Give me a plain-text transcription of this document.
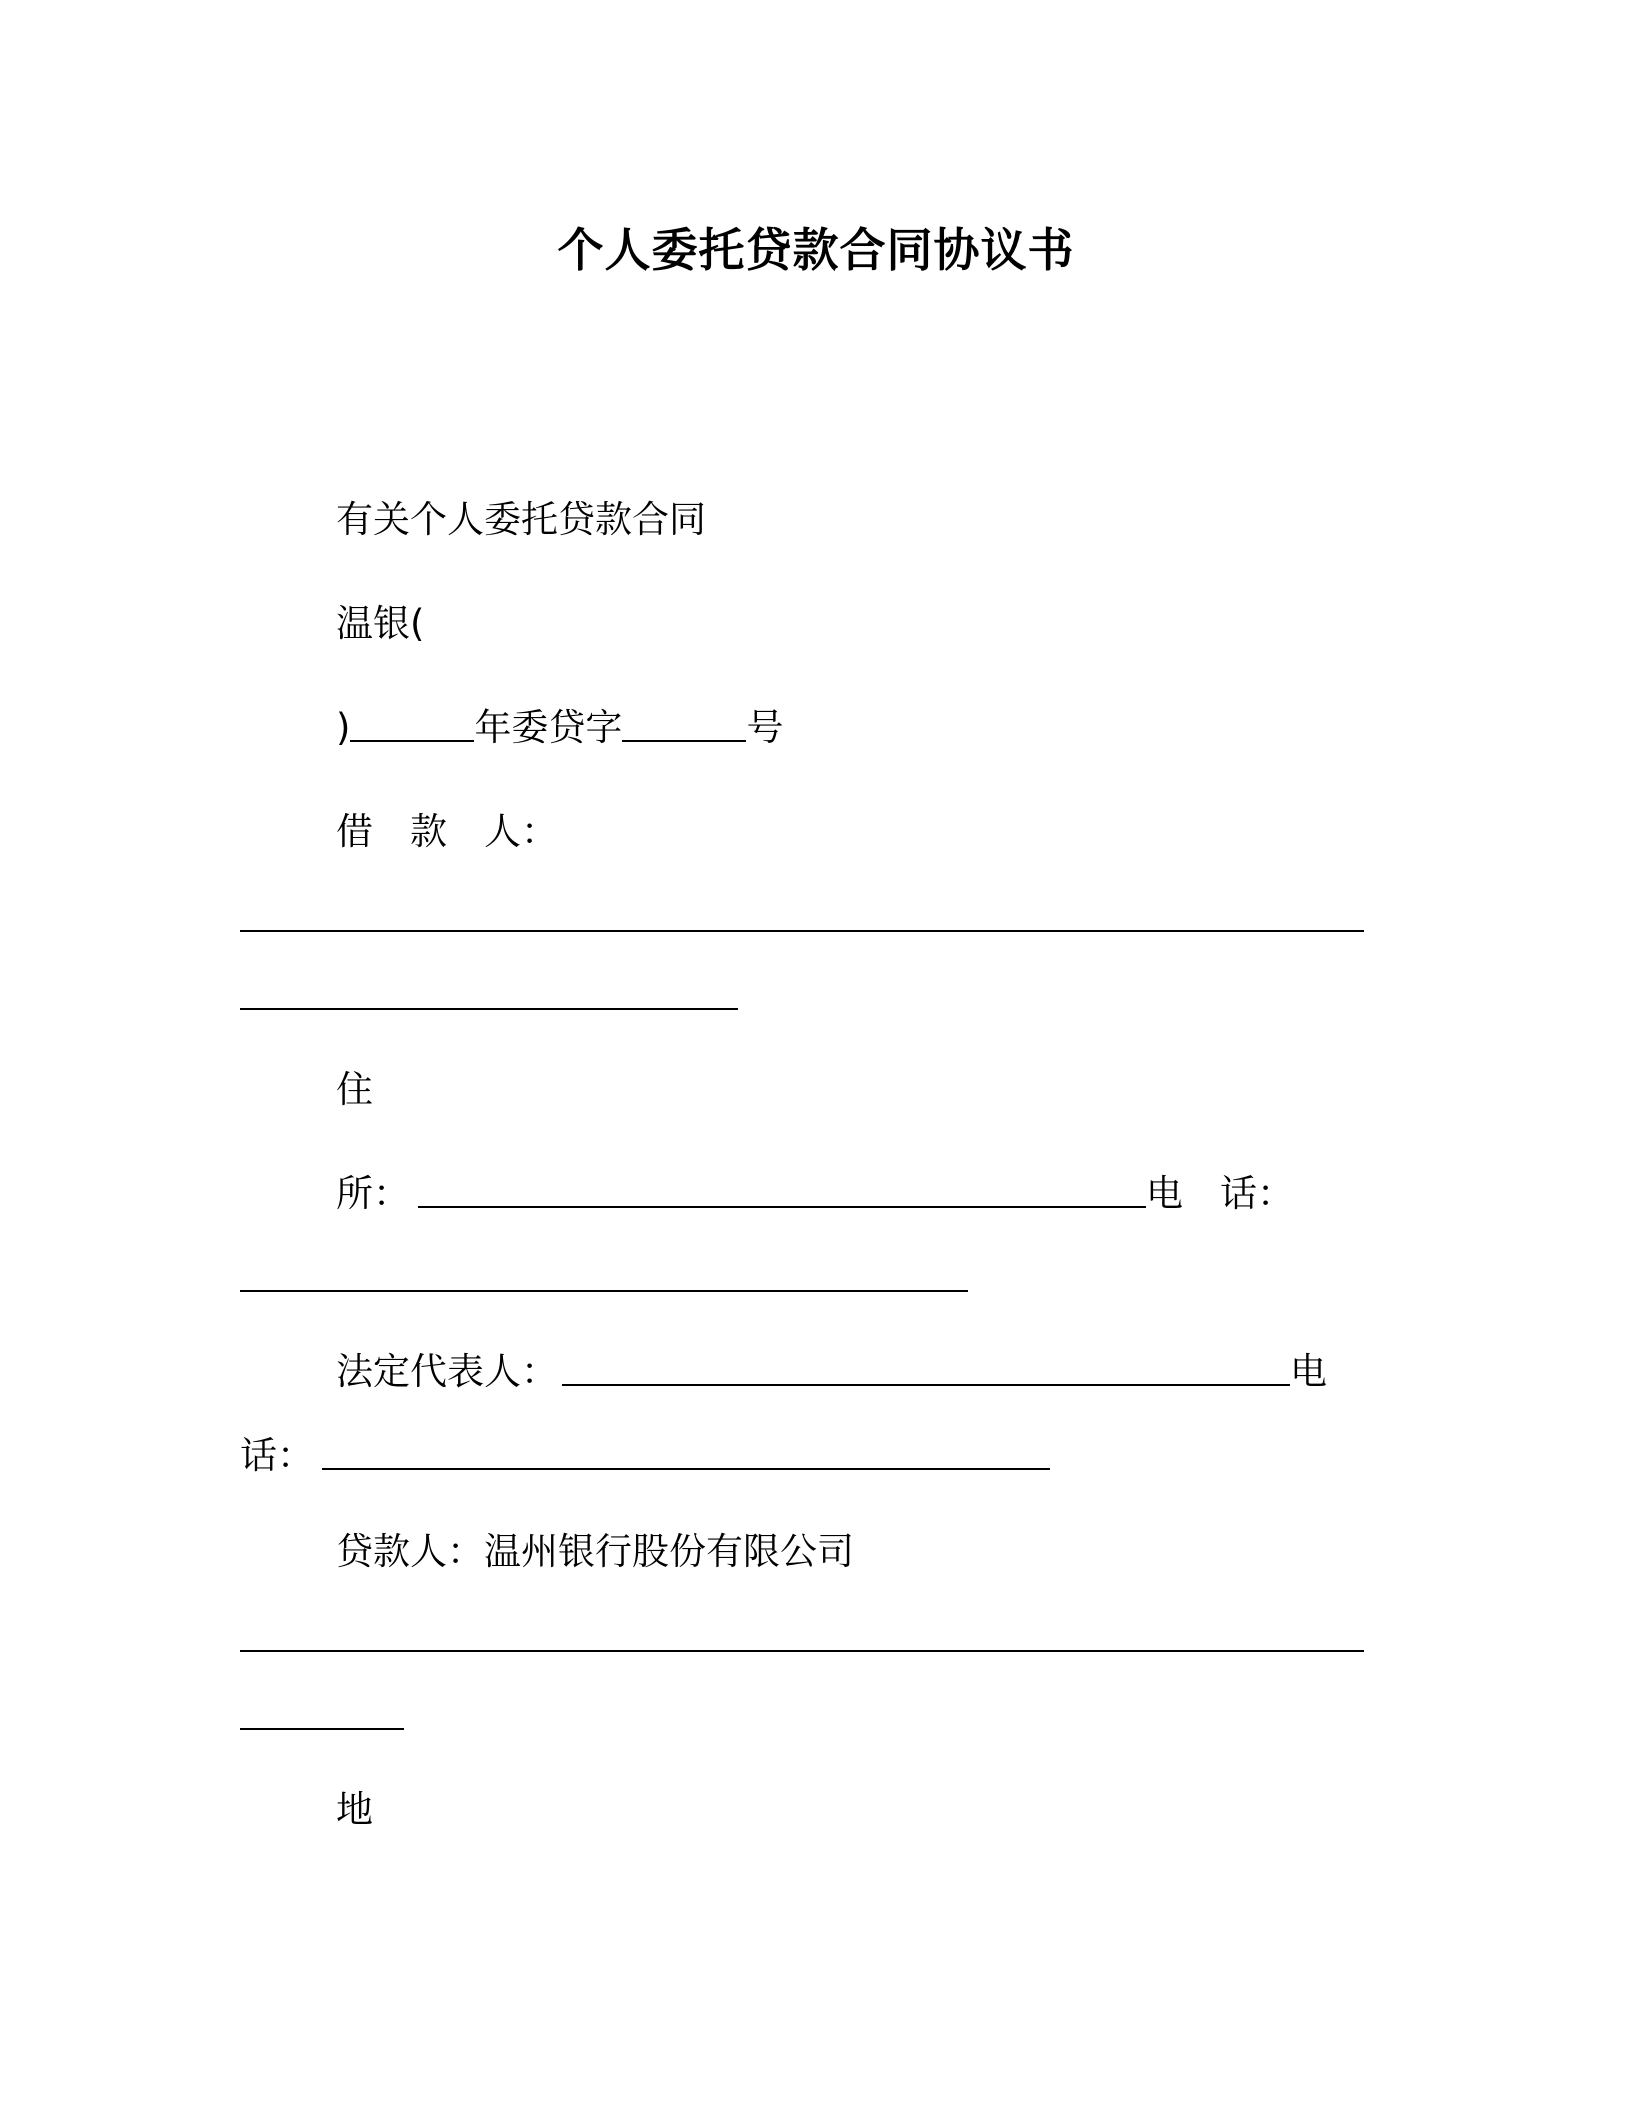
个人委托贷款合同协议书
有关个人委托贷款合同
温银(
)	年委贷字	号
借 款 人：
住
所：	电 话：
法定代表人：	电
话：
贷款人：温州银行股份有限公司
地
